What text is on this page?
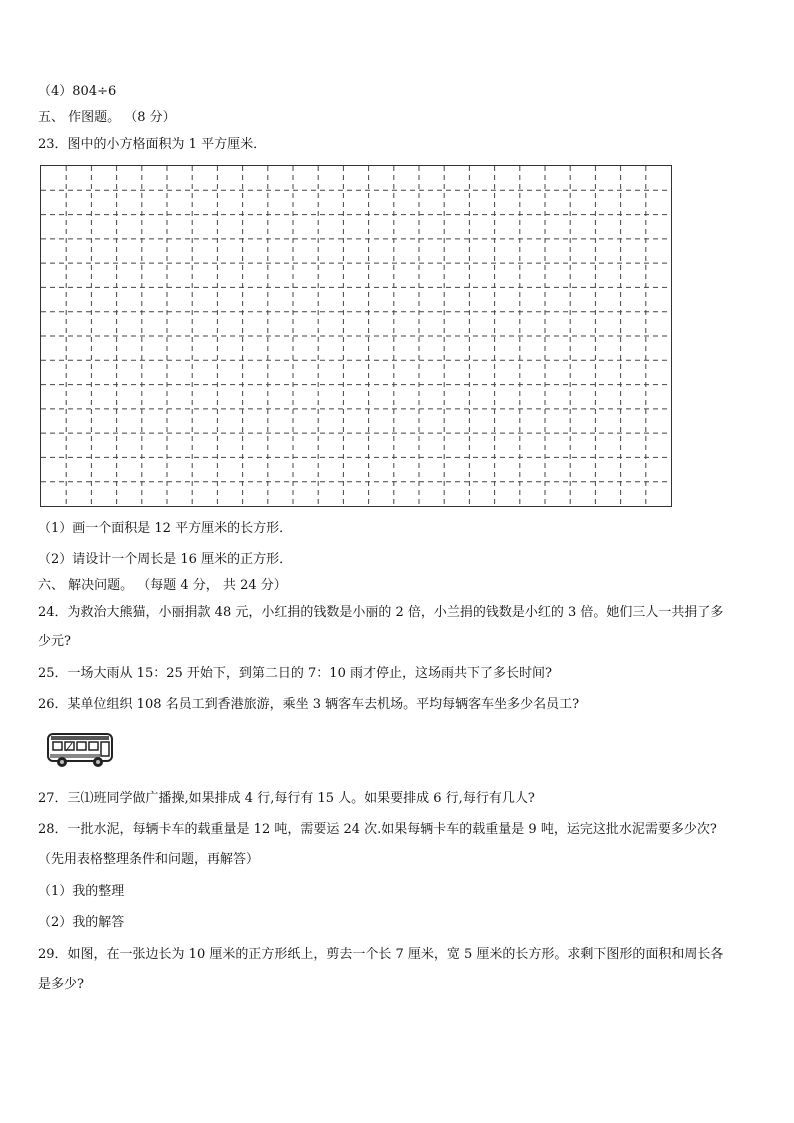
（4）804÷6
五、 作图题。 （8 分）
23．图中的小方格面积为 1 平方厘米．
（1）画一个面积是 12 平方厘米的长方形．
（2）请设计一个周长是 16 厘米的正方形．
六、 解决问题。 （每题 4 分， 共 24 分）
24．为救治大熊猫，小丽捐款 48 元，小红捐的钱数是小丽的 2 倍，小兰捐的钱数是小红的 3 倍。她们三人一共捐了多
少元?
25．一场大雨从 15：25 开始下，到第二日的 7：10 雨才停止，这场雨共下了多长时间?
26．某单位组织 108 名员工到香港旅游，乘坐 3 辆客车去机场。平均每辆客车坐多少名员工?
27．三⑴班同学做广播操,如果排成 4 行,每行有 15 人。如果要排成 6 行,每行有几人?
28．一批水泥，每辆卡车的载重量是 12 吨，需要运 24 次.如果每辆卡车的载重量是 9 吨，运完这批水泥需要多少次?
（先用表格整理条件和问题，再解答）
（1）我的整理
（2）我的解答
29．如图，在一张边长为 10 厘米的正方形纸上，剪去一个长 7 厘米，宽 5 厘米的长方形。求剩下图形的面积和周长各
是多少?
